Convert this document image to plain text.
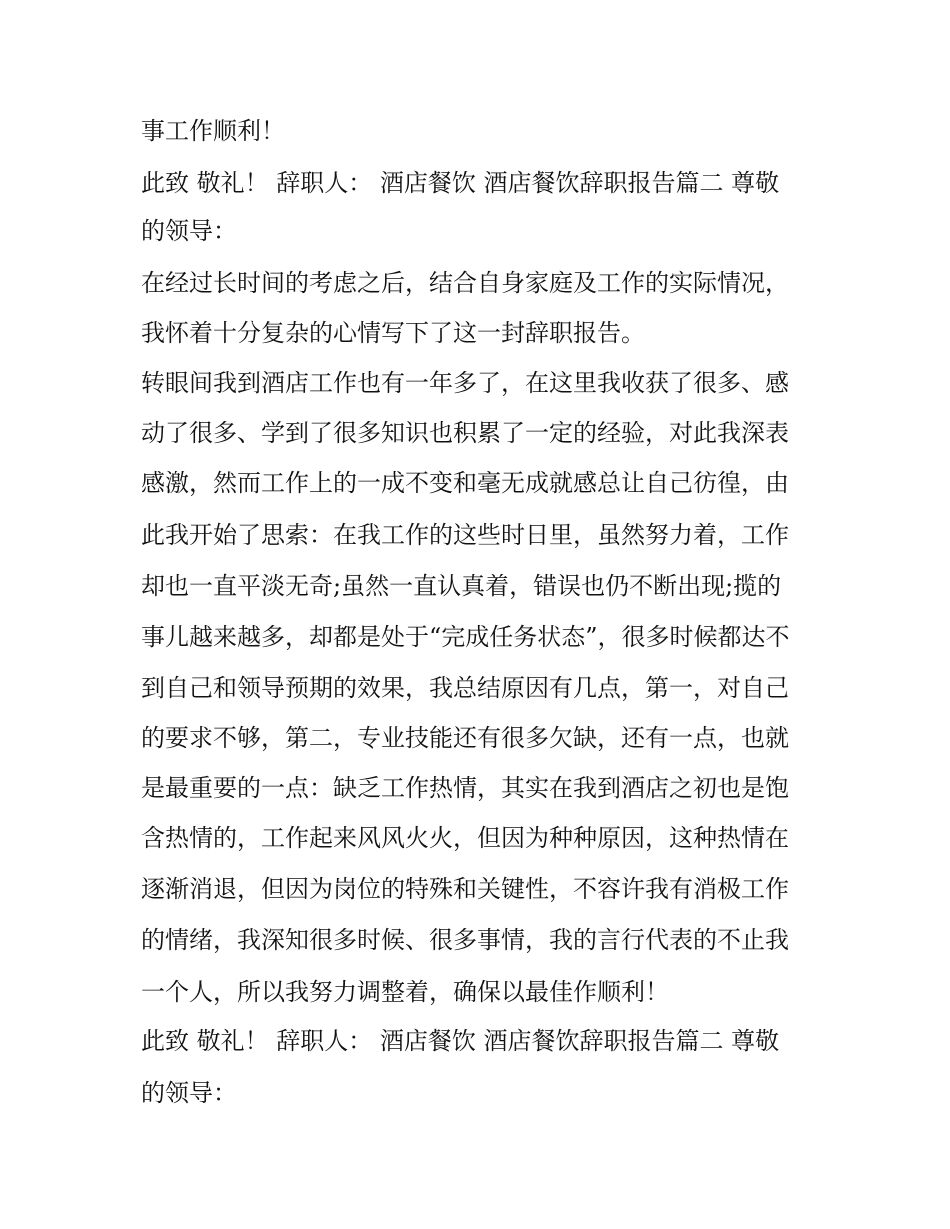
事工作顺利！
此致 敬礼！ 辞职人： 酒店餐饮 酒店餐饮辞职报告篇二 尊敬
的领导：
在经过长时间的考虑之后，结合自身家庭及工作的实际情况，
我怀着十分复杂的心情写下了这一封辞职报告。
转眼间我到酒店工作也有一年多了，在这里我收获了很多、感
动了很多、学到了很多知识也积累了一定的经验，对此我深表
感激，然而工作上的一成不变和毫无成就感总让自己彷徨，由
此我开始了思索：在我工作的这些时日里，虽然努力着，工作
却也一直平淡无奇;虽然一直认真着，错误也仍不断出现;揽的
事儿越来越多，却都是处于“完成任务状态”，很多时候都达不
到自己和领导预期的效果，我总结原因有几点，第一，对自己
的要求不够，第二，专业技能还有很多欠缺，还有一点，也就
是最重要的一点：缺乏工作热情，其实在我到酒店之初也是饱
含热情的，工作起来风风火火，但因为种种原因，这种热情在
逐渐消退，但因为岗位的特殊和关键性，不容许我有消极工作
的情绪，我深知很多时候、很多事情，我的言行代表的不止我
一个人，所以我努力调整着，确保以最佳作顺利！
此致 敬礼！ 辞职人： 酒店餐饮 酒店餐饮辞职报告篇二 尊敬
的领导：
